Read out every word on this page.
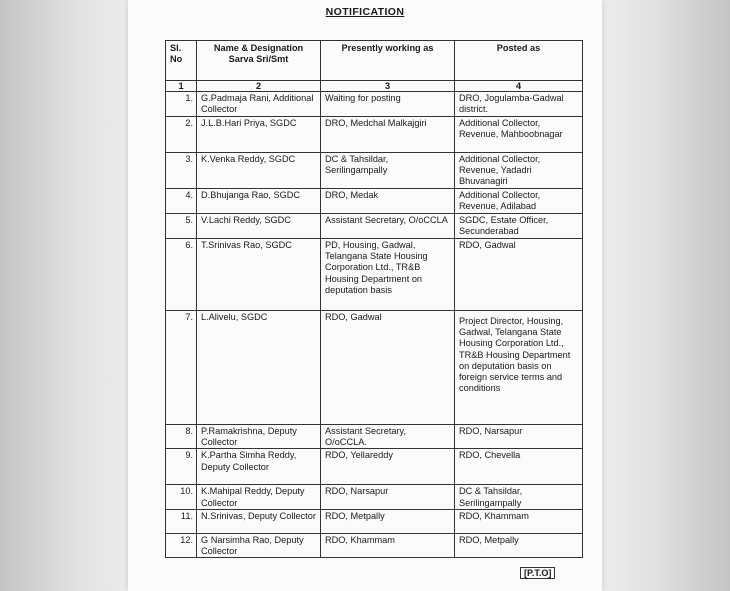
NOTIFICATION
Sl. No	Name & Designation Sarva Sri/Smt	Presently working as	Posted as
1	2	3	4
1.	G.Padmaja Rani, Additional Collector	Waiting for posting	DRO, Jogulamba-Gadwal district.
2.	J.L.B.Hari Priya, SGDC	DRO, Medchal Malkajgiri	Additional Collector, Revenue, Mahboobnagar
3.	K.Venka Reddy, SGDC	DC & Tahsildar, Serilingampally	Additional Collector, Revenue, Yadadri Bhuvanagiri
4.	D.Bhujanga Rao, SGDC	DRO, Medak	Additional Collector, Revenue, Adilabad
5.	V.Lachi Reddy, SGDC	Assistant Secretary, O/oCCLA	SGDC, Estate Officer, Secunderabad
6.	T.Srinivas Rao, SGDC	PD, Housing, Gadwal, Telangana State Housing Corporation Ltd., TR&B Housing Department on deputation basis	RDO, Gadwal
7.	L.Alivelu, SGDC	RDO, Gadwal	Project Director, Housing, Gadwal, Telangana State Housing Corporation Ltd., TR&B Housing Department on deputation basis on foreign service terms and conditions
8.	P.Ramakrishna, Deputy Collector	Assistant Secretary, O/oCCLA.	RDO, Narsapur
9.	K.Partha Simha Reddy, Deputy Collector	RDO, Yellareddy	RDO, Chevella
10.	K.Mahipal Reddy, Deputy Collector	RDO, Narsapur	DC & Tahsildar, Serilingampally
11.	N.Srinivas, Deputy Collector	RDO, Metpally	RDO, Khammam
12.	G Narsimha Rao, Deputy Collector	RDO, Khammam	RDO, Metpally
[P.T.O]
